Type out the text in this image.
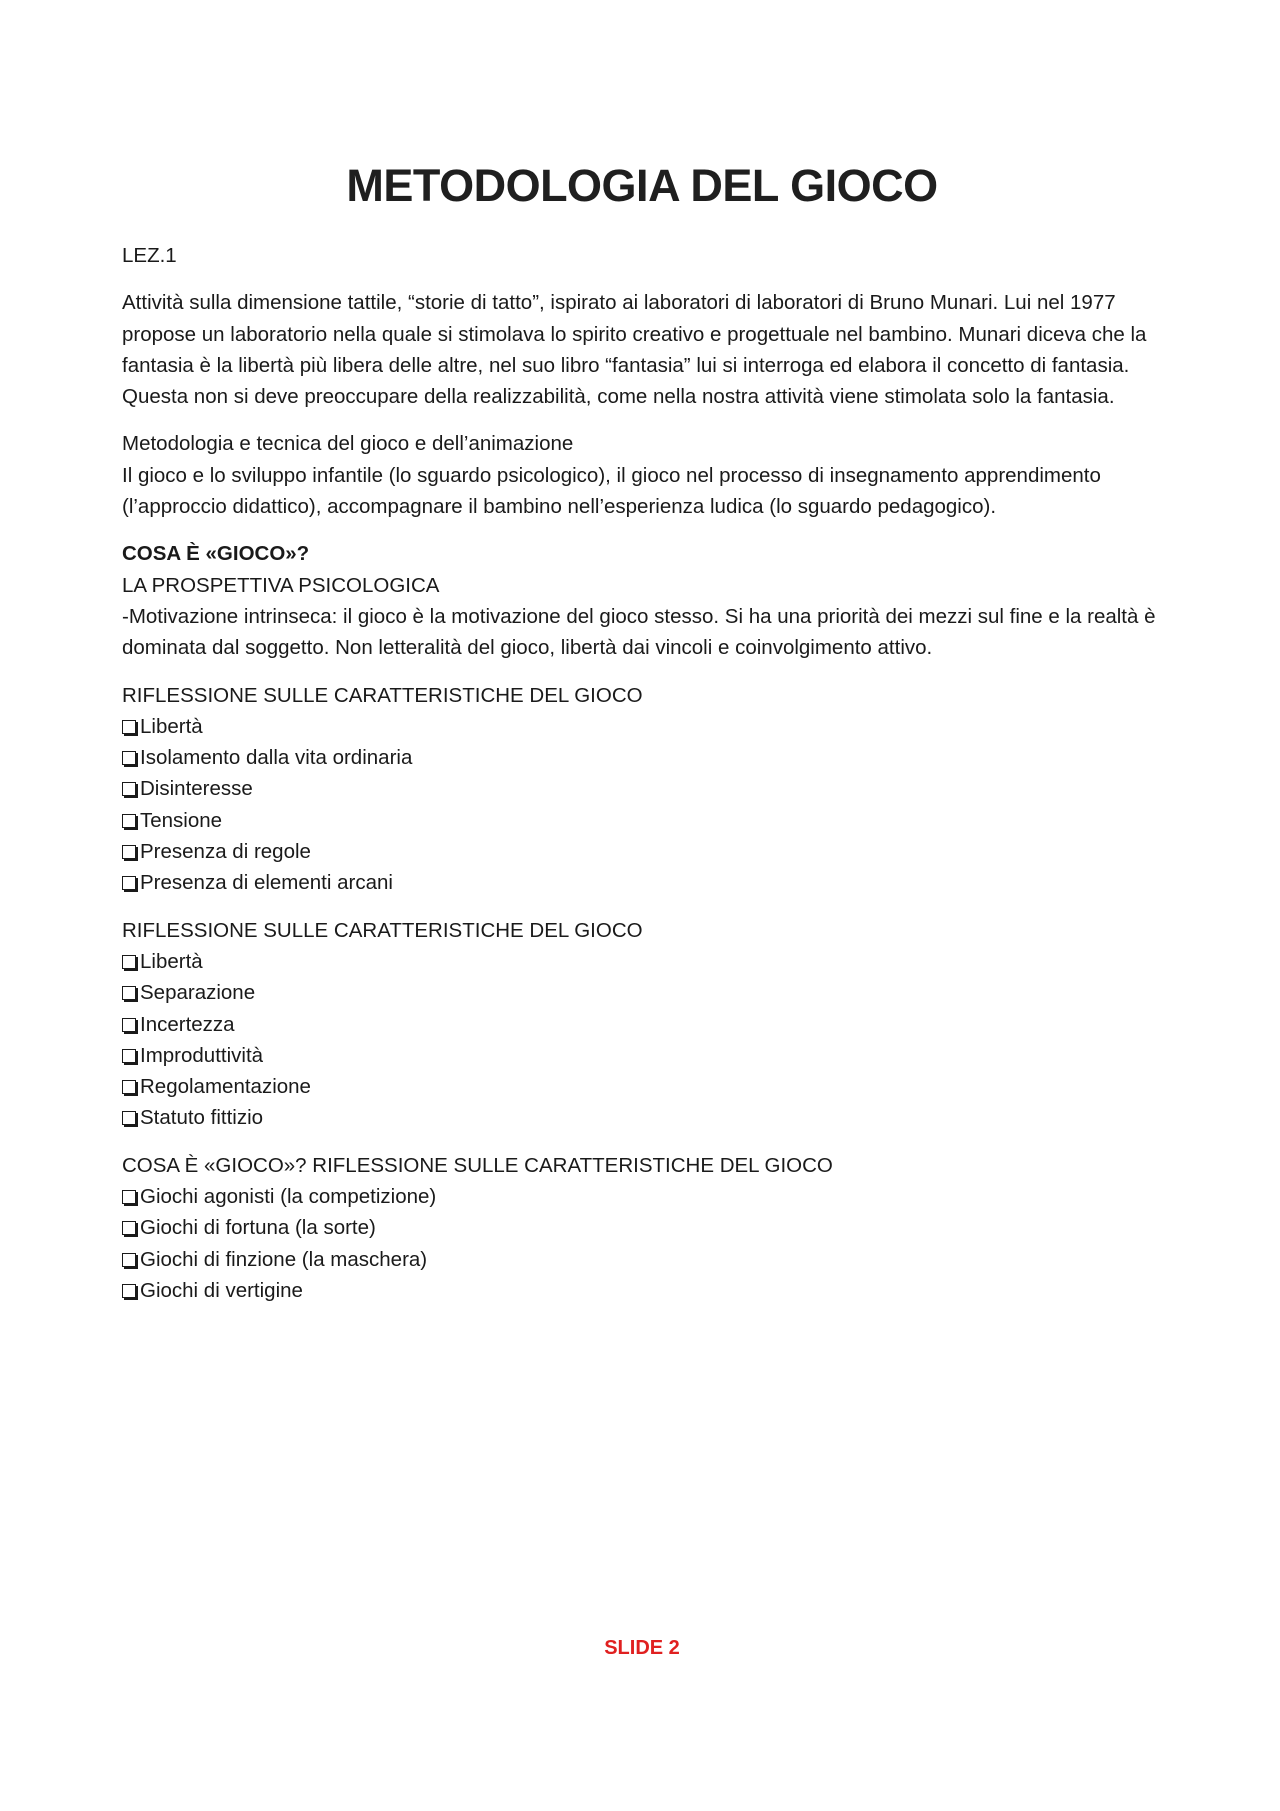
METODOLOGIA DEL GIOCO

LEZ.1

Attività sulla dimensione tattile, “storie di tatto”, ispirato ai laboratori di laboratori di Bruno Munari. Lui nel 1977 propose un laboratorio nella quale si stimolava lo spirito creativo e progettuale nel bambino. Munari diceva che la fantasia è la libertà più libera delle altre, nel suo libro “fantasia” lui si interroga ed elabora il concetto di fantasia. Questa non si deve preoccupare della realizzabilità, come nella nostra attività viene stimolata solo la fantasia.

Metodologia e tecnica del gioco e dell’animazione
Il gioco e lo sviluppo infantile (lo sguardo psicologico), il gioco nel processo di insegnamento apprendimento (l’approccio didattico), accompagnare il bambino nell’esperienza ludica (lo sguardo pedagogico).

COSA È «GIOCO»?
LA PROSPETTIVA PSICOLOGICA
-Motivazione intrinseca: il gioco è la motivazione del gioco stesso. Si ha una priorità dei mezzi sul fine e la realtà è dominata dal soggetto. Non letteralità del gioco, libertà dai vincoli e coinvolgimento attivo.

RIFLESSIONE SULLE CARATTERISTICHE DEL GIOCO
Libertà
Isolamento dalla vita ordinaria
Disinteresse
Tensione
Presenza di regole
Presenza di elementi arcani
RIFLESSIONE SULLE CARATTERISTICHE DEL GIOCO
Libertà
Separazione
Incertezza
Improduttività
Regolamentazione
Statuto fittizio
COSA È «GIOCO»? RIFLESSIONE SULLE CARATTERISTICHE DEL GIOCO
Giochi agonisti (la competizione)
Giochi di fortuna (la sorte)
Giochi di finzione (la maschera)
Giochi di vertigine
SLIDE 2
